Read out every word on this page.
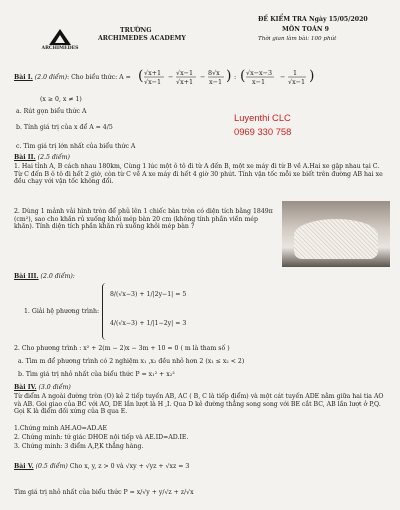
ARCHIMEDES
TRƯỜNG
ARCHIMEDES ACADEMY
ĐỀ KIỂM TRA Ngày 15/05/2020
MÔN TOÁN 9
Thời gian làm bài: 100 phút
Bài I. (2.0 điểm): Cho biểu thức: A = ( √x+1
√x−1
− √x−1
√x+1
− 8√x
x−1 ) : ( √x−x−3
x−1
− 1
√x−1 )
(x ≥ 0, x ≠ 1)
a. Rút gọn biểu thức A
b. Tính giá trị của x để A = 4/5
c. Tìm giá trị lớn nhất của biểu thức A
Luyenthi CLC
0969 330 758
Bài II. (2.5 điểm)
1. Hai tỉnh A, B cách nhau 180km, Cùng 1 lúc một ô tô đi từ A đến B, một xe máy đi từ B về A.Hai xe gặp nhau tại C. Từ C đến B ô tô đi hết 2 giờ, còn từ C về A xe máy đi hết 4 giờ 30 phút. Tính vận tốc mỗi xe biết trên đường AB hai xe đều chạy với vận tốc không đổi.
2. Dùng 1 mảnh vải hình tròn để phủ lên 1 chiếc bàn tròn có diện tích bằng 1849π (cm²), sao cho khăn rủ xuống khỏi mép bàn 20 cm (không tính phần viền mép khăn). Tính diện tích phần khăn rủ xuống khỏi mép bàn ?
Bài III. (2.0 điểm):
1. Giải hệ phương trình:
8/(√x−3) + 1/|2y−1| = 5
4/(√x−3) + 1/|1−2y| = 3
2. Cho phương trình : x² + 2(m − 2)x − 3m + 10 = 0 ( m là tham số )
a. Tìm m để phương trình có 2 nghiệm x₁ ,x₂ đều nhỏ hơn 2 (x₁ ≤ x₂ < 2)
b. Tìm giá trị nhỏ nhất của biểu thức P = x₁² + x₂²
Bài IV. (3.0 điểm)
Từ điểm A ngoài đường tròn (O) kẻ 2 tiếp tuyến AB, AC ( B, C là tiếp điểm) và một cát tuyến ADE nằm giữa hai tia AO và AB. Gọi giao của BC với AO, DE lần lượt là H ,I. Qua D kẻ đường thẳng song song với BE cắt BC, AB lần lượt ở P,Q. Gọi K là điểm đối xứng của B qua E.
1.Chứng minh AH.AO=AD.AE
2. Chứng minh: tứ giác DHOE nội tiếp và AE.ID=AD.IE.
3. Chứng minh: 3 điểm A,P,K thẳng hàng.
Bài V. (0.5 điểm) Cho x, y, z > 0 và √xy + √yz + √xz = 3
Tìm giá trị nhỏ nhất của biểu thức P = x/√y + y/√z + z/√x
